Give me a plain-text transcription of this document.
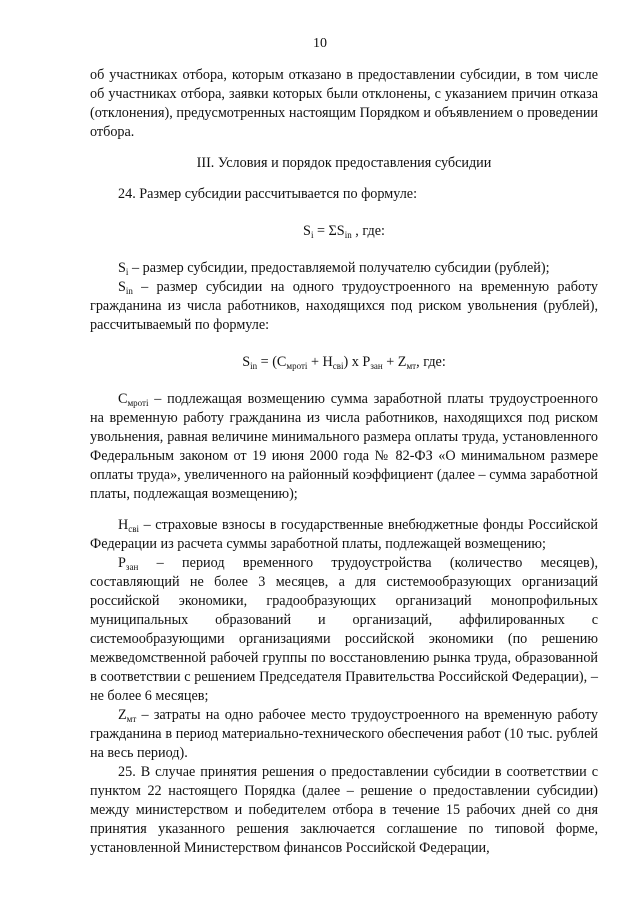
10

об участниках отбора, которым отказано в предоставлении субсидии, в том числе об участниках отбора, заявки которых были отклонены, с указанием причин отказа (отклонения), предусмотренных настоящим Порядком и объявлением о проведении отбора.

III. Условия и порядок предоставления субсидии

24. Размер субсидии рассчитывается по формуле:

$S_i = \Sigma S_{in}$ , где:

$S_i$ – размер субсидии, предоставляемой получателю субсидии (рублей);

$S_{in}$ – размер субсидии на одного трудоустроенного на временную работу гражданина из числа работников, находящихся под риском увольнения (рублей), рассчитываемый по формуле:

$S_{in} = (С_{мроті} + Н_{свi})$ х $Р_{зан} + Z_{мт}$, где:

$С_{мроті}$ – подлежащая возмещению сумма заработной платы трудоустроенного на временную работу гражданина из числа работников, находящихся под риском увольнения, равная величине минимального размера оплаты труда, установленного Федеральным законом от 19 июня 2000 года № 82-ФЗ «О минимальном размере оплаты труда», увеличенного на районный коэффициент (далее – сумма заработной платы, подлежащая возмещению);

$Н_{свi}$ – страховые взносы в государственные внебюджетные фонды Российской Федерации из расчета суммы заработной платы, подлежащей возмещению;

$Р_{зан}$ – период временного трудоустройства (количество месяцев), составляющий не более 3 месяцев, а для системообразующих организаций российской экономики, градообразующих организаций монопрофильных муниципальных образований и организаций, аффилированных с системообразующими организациями российской экономики (по решению межведомственной рабочей группы по восстановлению рынка труда, образованной в соответствии с решением Председателя Правительства Российской Федерации), – не более 6 месяцев;

$Z_{мт}$ – затраты на одно рабочее место трудоустроенного на временную работу гражданина в период материально-технического обеспечения работ (10 тыс. рублей на весь период).

25. В случае принятия решения о предоставлении субсидии в соответствии с пунктом 22 настоящего Порядка (далее – решение о предоставлении субсидии) между министерством и победителем отбора в течение 15 рабочих дней со дня принятия указанного решения заключается соглашение по типовой форме, установленной Министерством финансов Российской Федерации,
